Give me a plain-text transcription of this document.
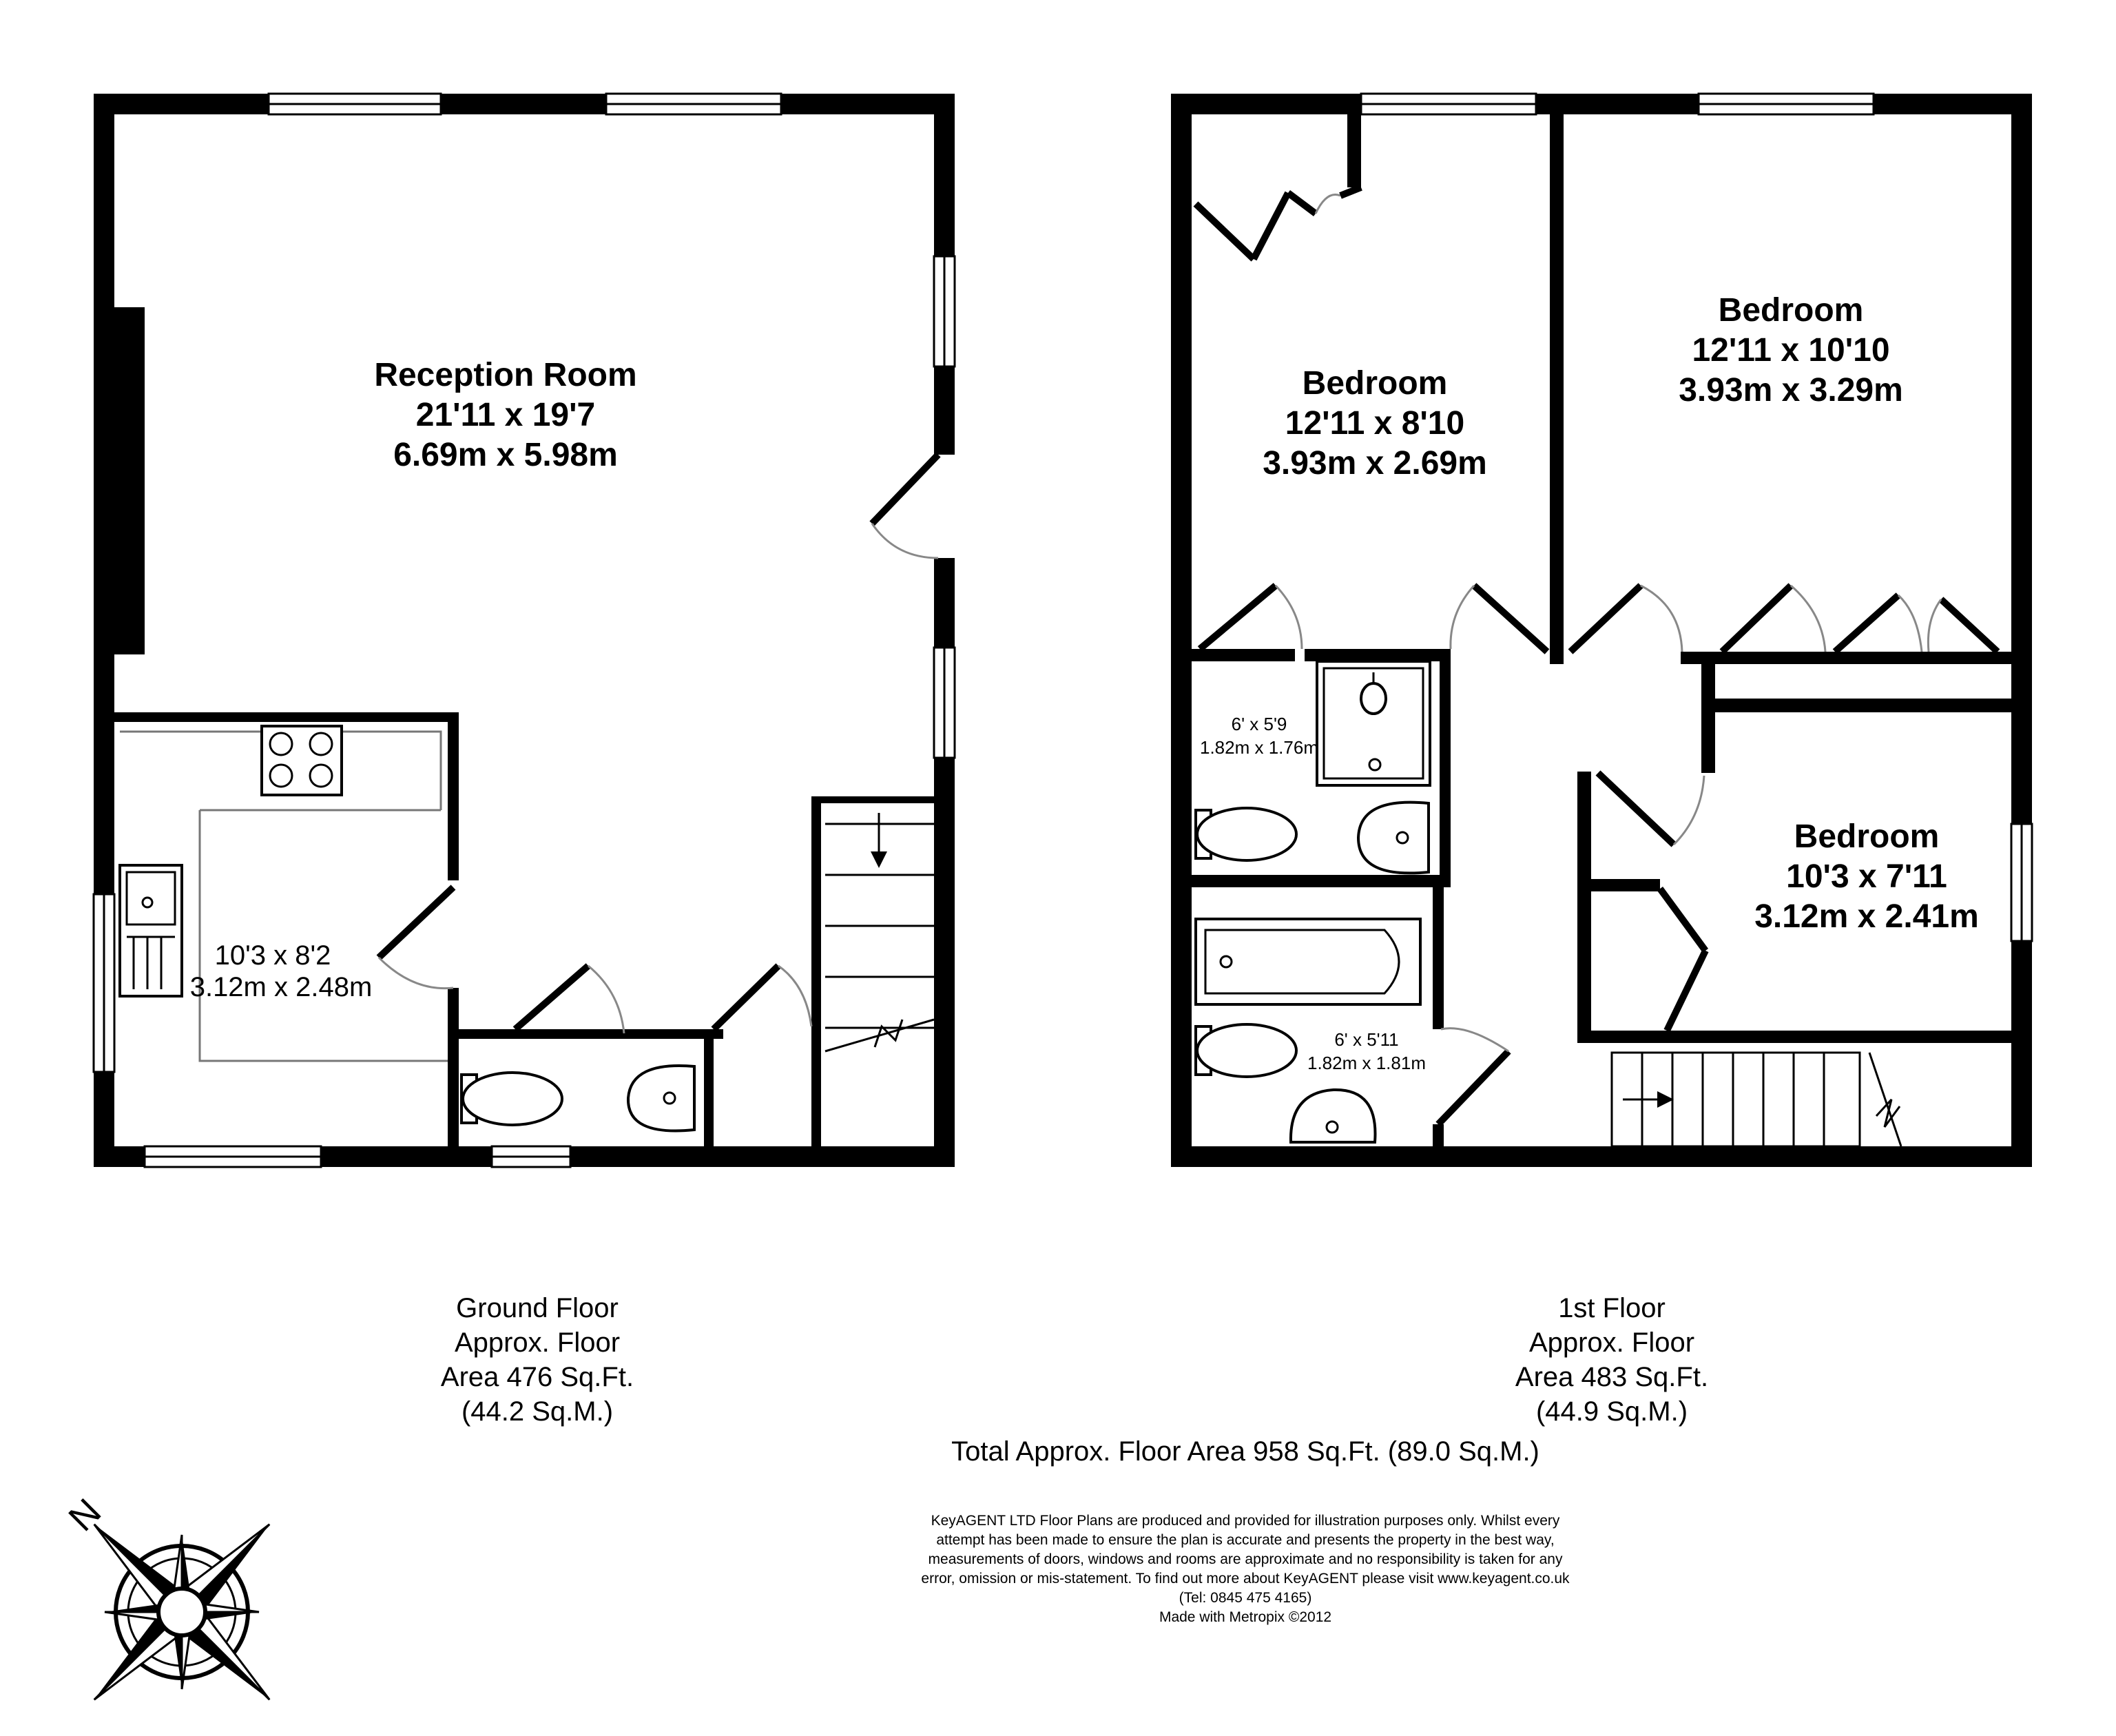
Reception Room
21'11 x 19'7
6.69m x 5.98m
10'3 x 8'2
3.12m x 2.48m
Bedroom
12'11 x 8'10
3.93m x 2.69m
Bedroom
12'11 x 10'10
3.93m x 3.29m
Bedroom
10'3 x 7'11
3.12m x 2.41m
6' x 5'9
1.82m x 1.76m
6' x 5'11
1.82m x 1.81m
Ground Floor
Approx. Floor
Area 476 Sq.Ft.
(44.2 Sq.M.)
1st Floor
Approx. Floor
Area 483 Sq.Ft.
(44.9 Sq.M.)
Total Approx. Floor Area 958 Sq.Ft. (89.0 Sq.M.)
KeyAGENT LTD Floor Plans are produced and provided for illustration purposes only. Whilst every
attempt has been made to ensure the plan is accurate and presents the property in the best way,
measurements of doors, windows and rooms are approximate and no responsibility is taken for any
error, omission or mis-statement. To find out more about KeyAGENT please visit www.keyagent.co.uk
(Tel: 0845 475 4165)
Made with Metropix ©2012
N
